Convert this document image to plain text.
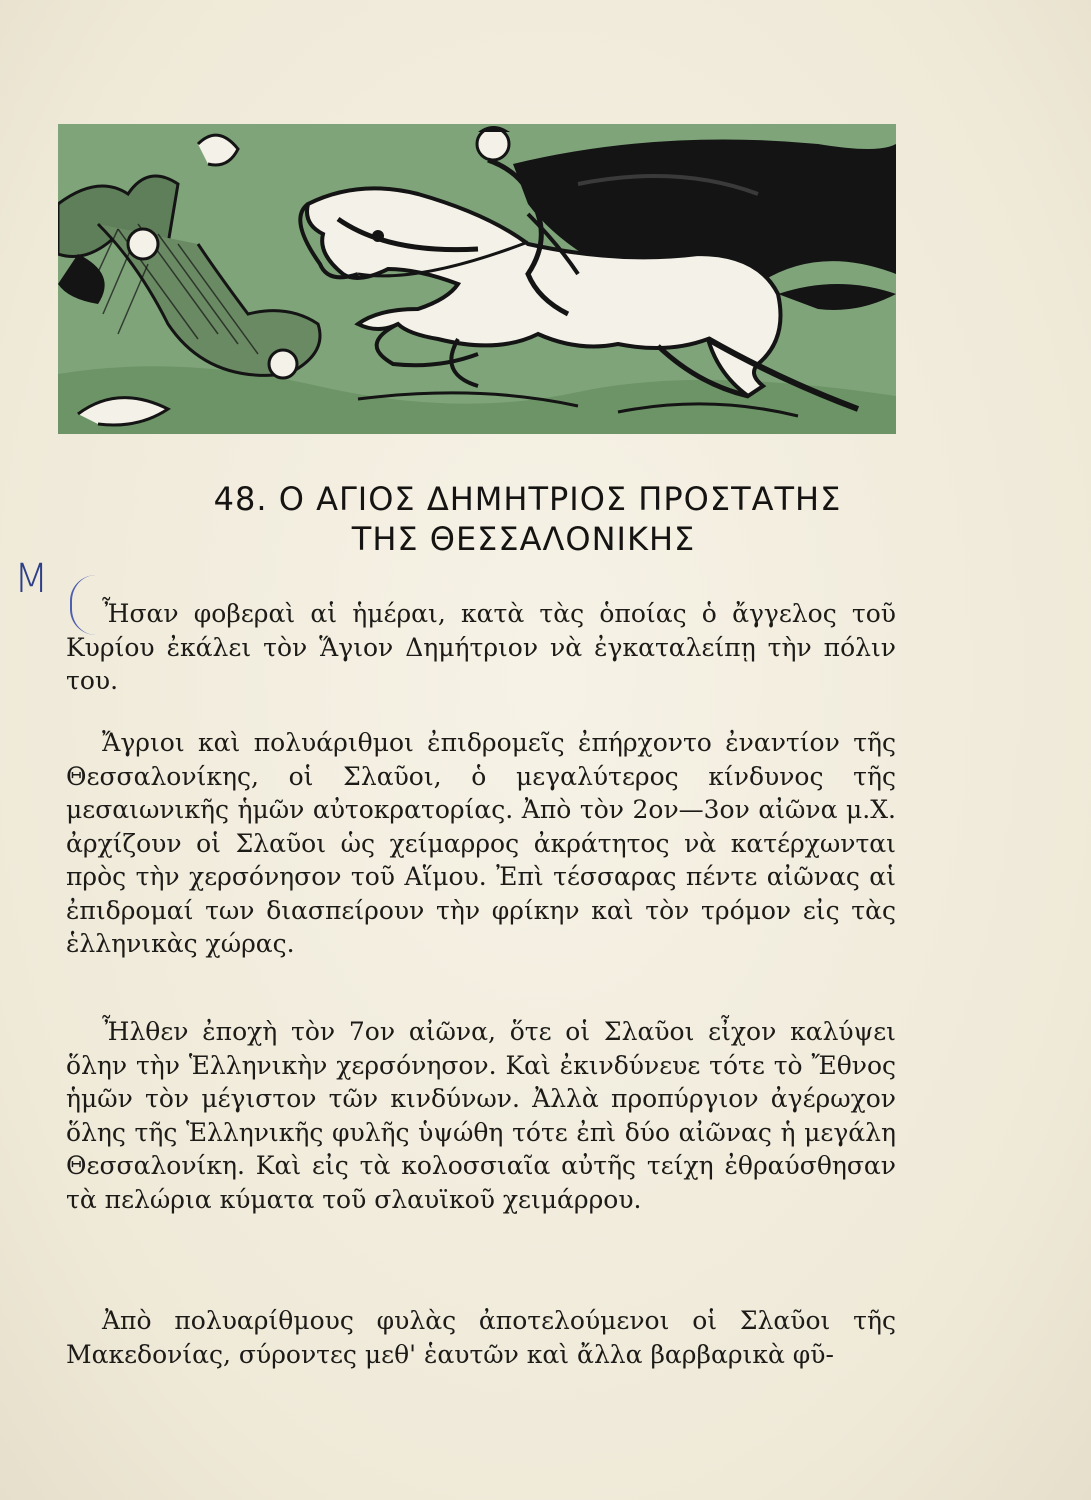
M
48. Ο ΑΓΙΟΣ ΔΗΜΗΤΡΙΟΣ ΠΡΟΣΤΑΤΗΣ
ΤΗΣ ΘΕΣΣΑΛΟΝΙΚΗΣ

Ἦσαν φοβεραὶ αἱ ἡμέραι, κατὰ τὰς ὁποίας ὁ ἄγγελος τοῦ Κυρίου ἐκάλει τὸν Ἅγιον Δημήτριον νὰ ἐγκαταλείπῃ τὴν πόλιν του.

Ἄγριοι καὶ πολυάριθμοι ἐπιδρομεῖς ἐπήρχοντο ἐναντίον τῆς Θεσσαλονίκης, οἱ Σλαῦοι, ὁ μεγαλύτερος κίνδυνος τῆς μεσαιωνικῆς ἡμῶν αὐτοκρατορίας. Ἀπὸ τὸν 2ον—3ον αἰῶνα μ.Χ. ἀρχίζουν οἱ Σλαῦοι ὡς χείμαρρος ἀκράτητος νὰ κατέρχωνται πρὸς τὴν χερσόνησον τοῦ Αἵμου. Ἐπὶ τέσσαρας πέντε αἰῶνας αἱ ἐπιδρομαί των διασπείρουν τὴν φρίκην καὶ τὸν τρόμον εἰς τὰς ἑλληνικὰς χώρας.

Ἦλθεν ἐποχὴ τὸν 7ον αἰῶνα, ὅτε οἱ Σλαῦοι εἶχον καλύψει ὅλην τὴν Ἑλληνικὴν χερσόνησον. Καὶ ἐκινδύνευε τότε τὸ Ἔθνος ἡμῶν τὸν μέγιστον τῶν κινδύνων. Ἀλλὰ προπύργιον ἀγέρωχον ὅλης τῆς Ἑλληνικῆς φυλῆς ὑψώθη τότε ἐπὶ δύο αἰῶνας ἡ μεγάλη Θεσσαλονίκη. Καὶ εἰς τὰ κολοσσιαῖα αὐτῆς τείχη ἐθραύσθησαν τὰ πελώρια κύματα τοῦ σλαυϊκοῦ χειμάρρου.

Ἀπὸ πολυαρίθμους φυλὰς ἀποτελούμενοι οἱ Σλαῦοι τῆς Μακεδονίας, σύροντες μεθ' ἑαυτῶν καὶ ἄλλα βαρβαρικὰ φῦ-
